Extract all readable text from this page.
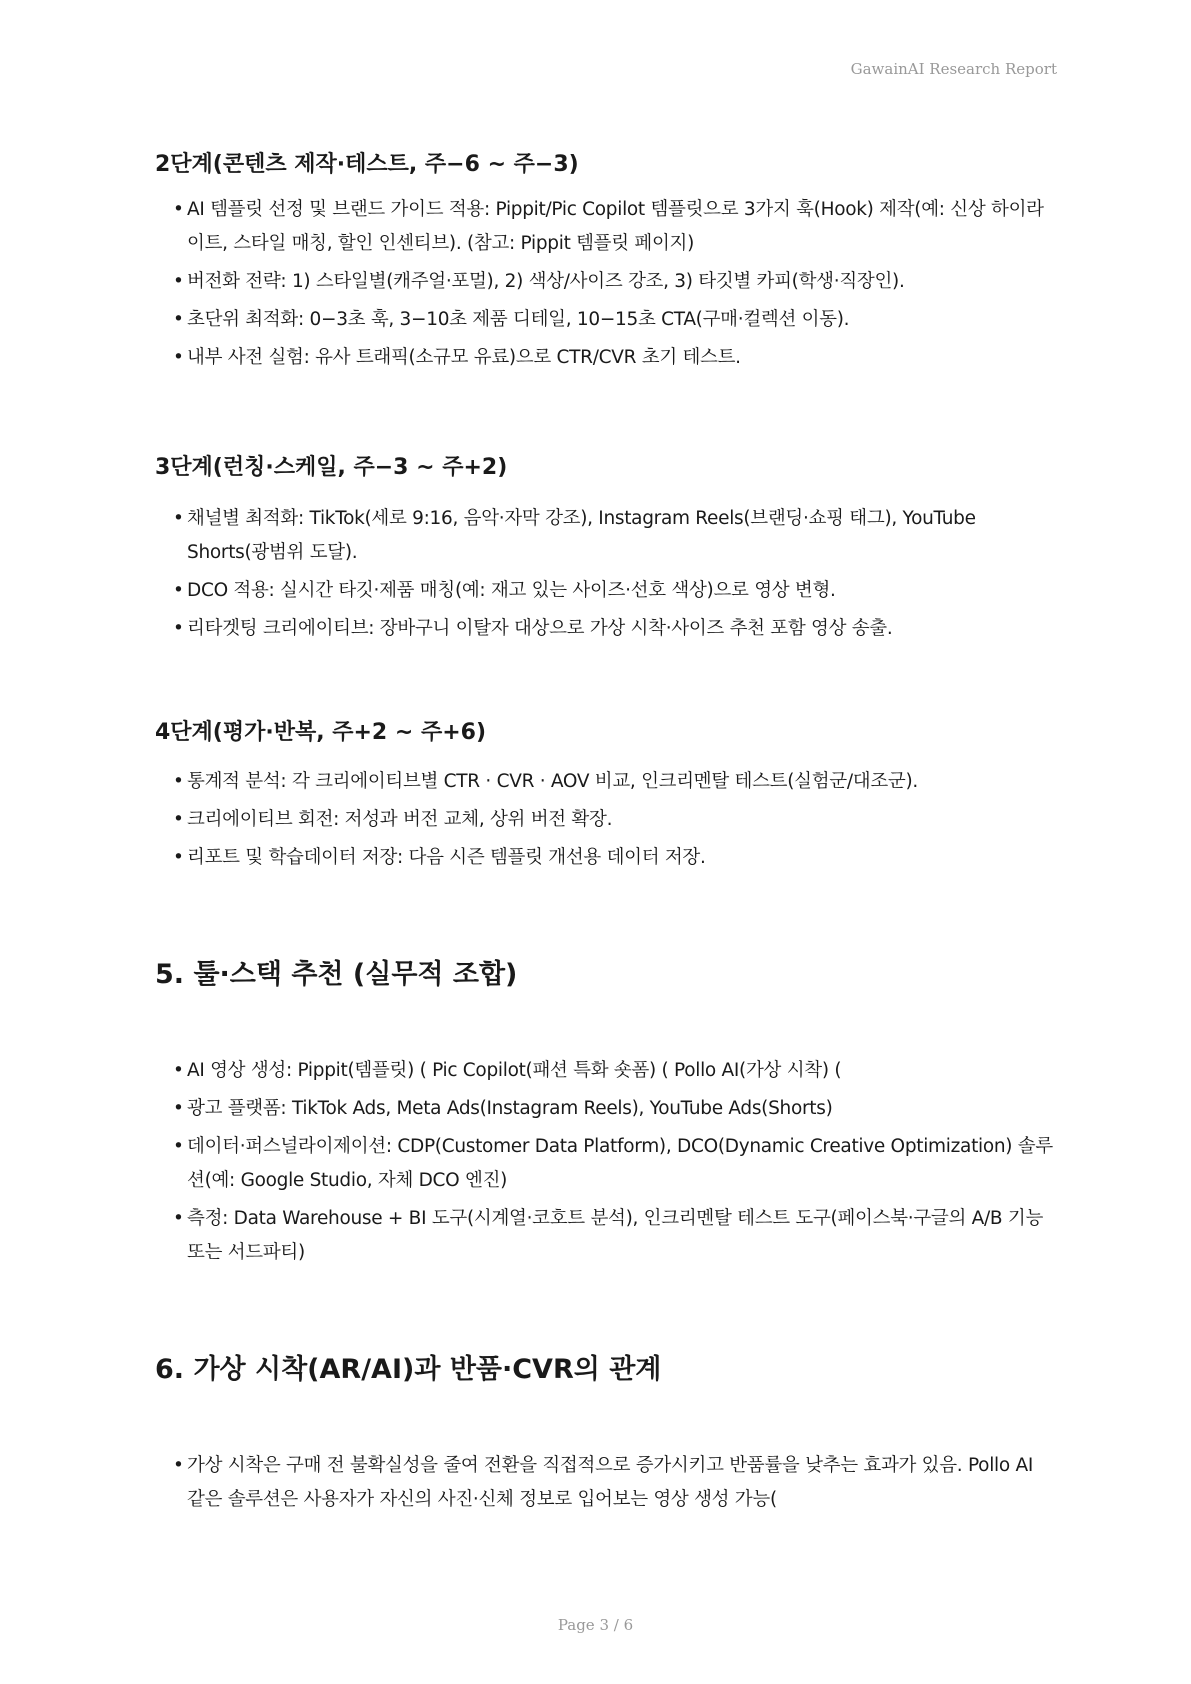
GawainAI Research Report
2단계(콘텐츠 제작·테스트, 주−6 ~ 주−3)
• AI 템플릿 선정 및 브랜드 가이드 적용: Pippit/Pic Copilot 템플릿으로 3가지 훅(Hook) 제작(예: 신상 하이라이트, 스타일 매칭, 할인 인센티브). (참고: Pippit 템플릿 페이지)
• 버전화 전략: 1) 스타일별(캐주얼·포멀), 2) 색상/사이즈 강조, 3) 타깃별 카피(학생·직장인).
• 초단위 최적화: 0−3초 훅, 3−10초 제품 디테일, 10−15초 CTA(구매·컬렉션 이동).
• 내부 사전 실험: 유사 트래픽(소규모 유료)으로 CTR/CVR 초기 테스트.
3단계(런칭·스케일, 주−3 ~ 주+2)
• 채널별 최적화: TikTok(세로 9:16, 음악·자막 강조), Instagram Reels(브랜딩·쇼핑 태그), YouTube Shorts(광범위 도달).
• DCO 적용: 실시간 타깃·제품 매칭(예: 재고 있는 사이즈·선호 색상)으로 영상 변형.
• 리타겟팅 크리에이티브: 장바구니 이탈자 대상으로 가상 시착·사이즈 추천 포함 영상 송출.
4단계(평가·반복, 주+2 ~ 주+6)
• 통계적 분석: 각 크리에이티브별 CTR · CVR · AOV 비교, 인크리멘탈 테스트(실험군/대조군).
• 크리에이티브 회전: 저성과 버전 교체, 상위 버전 확장.
• 리포트 및 학습데이터 저장: 다음 시즌 템플릿 개선용 데이터 저장.
5. 툴·스택 추천 (실무적 조합)
• AI 영상 생성: Pippit(템플릿) ( Pic Copilot(패션 특화 숏폼) ( Pollo AI(가상 시착) (
• 광고 플랫폼: TikTok Ads, Meta Ads(Instagram Reels), YouTube Ads(Shorts)
• 데이터·퍼스널라이제이션: CDP(Customer Data Platform), DCO(Dynamic Creative Optimization) 솔루션(예: Google Studio, 자체 DCO 엔진)
• 측정: Data Warehouse + BI 도구(시계열·코호트 분석), 인크리멘탈 테스트 도구(페이스북·구글의 A/B 기능 또는 서드파티)
6. 가상 시착(AR/AI)과 반품·CVR의 관계
• 가상 시착은 구매 전 불확실성을 줄여 전환을 직접적으로 증가시키고 반품률을 낮추는 효과가 있음. Pollo AI 같은 솔루션은 사용자가 자신의 사진·신체 정보로 입어보는 영상 생성 가능(
Page 3 / 6
